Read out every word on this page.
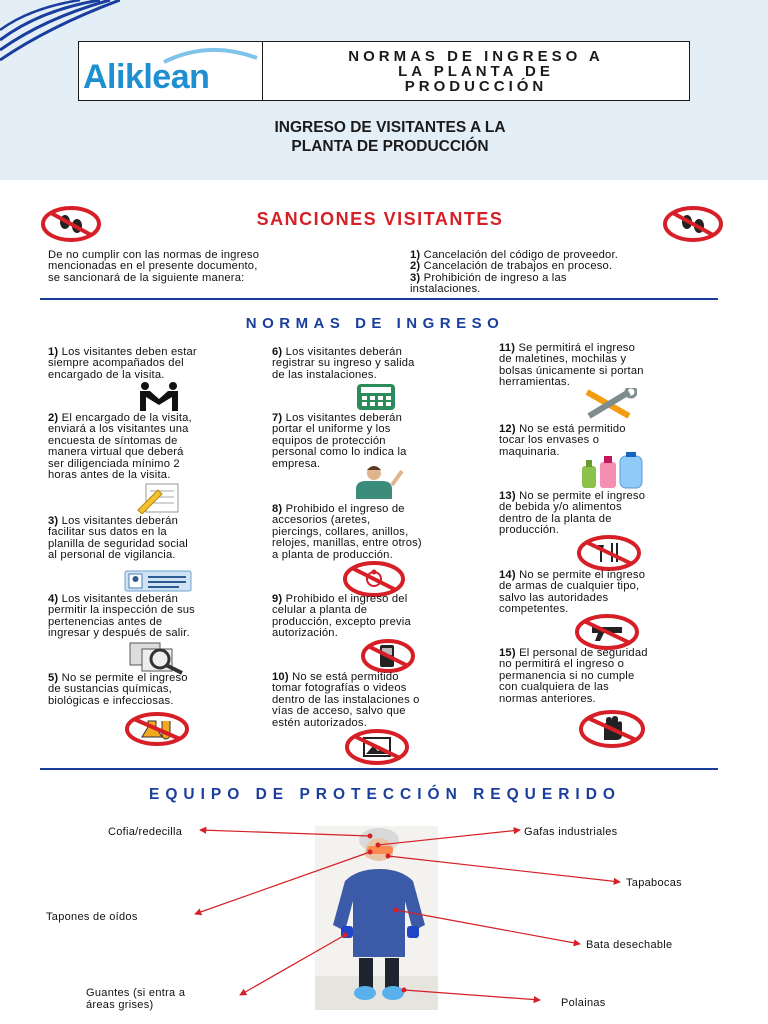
Aliklean
NORMAS DE INGRESO A
LA PLANTA DE
PRODUCCIÓN
INGRESO DE VISITANTES A LA
PLANTA DE PRODUCCIÓN
SANCIONES VISITANTES
De no cumplir con las normas de ingreso
mencionadas en el presente documento,
se sancionará de la siguiente manera:
1) Cancelación del código de proveedor.
2) Cancelación de trabajos en proceso.
3) Prohibición de ingreso a las
instalaciones.
NORMAS DE INGRESO
1) Los visitantes deben estar
siempre acompañados del
encargado de la visita.
2) El encargado de la visita,
enviará a los visitantes una
encuesta de síntomas de
manera virtual que deberá
ser diligenciada mínimo 2
horas antes de la visita.
3) Los visitantes deberán
facilitar sus datos en la
planilla de seguridad social
al personal de vigilancia.
4) Los visitantes deberán
permitir la inspección de sus
pertenencias antes de
ingresar y después de salir.
5) No se permite el ingreso
de sustancias químicas,
biológicas e infecciosas.
6) Los visitantes deberán
registrar su ingreso y salida
de las instalaciones.
7) Los visitantes deberán
portar el uniforme y los
equipos de protección
personal como lo indica la
empresa.
8) Prohibido el ingreso de
accesorios (aretes,
piercings, collares, anillos,
relojes, manillas, entre otros)
a planta de producción.
9) Prohibido el ingreso del
celular a planta de
producción, excepto previa
autorización.
10) No se está permitido
tomar fotografías o videos
dentro de las instalaciones o
vías de acceso, salvo que
estén autorizados.
11) Se permitirá el ingreso
de maletines, mochilas y
bolsas únicamente si portan
herramientas.
12) No se está permitido
tocar los envases o
maquinaria.
13) No se permite el ingreso
de bebida y/o alimentos
dentro de la planta de
producción.
14) No se permite el ingreso
de armas de cualquier tipo,
salvo las autoridades
competentes.
15) El personal de seguridad
no permitirá el ingreso o
permanencia si no cumple
con cualquiera de las
normas anteriores.
EQUIPO DE PROTECCIÓN REQUERIDO
Cofia/redecilla	Gafas industriales
Tapabocas
Tapones de oídos
Bata desechable
Guantes (si entra a
áreas grises)	Polainas
